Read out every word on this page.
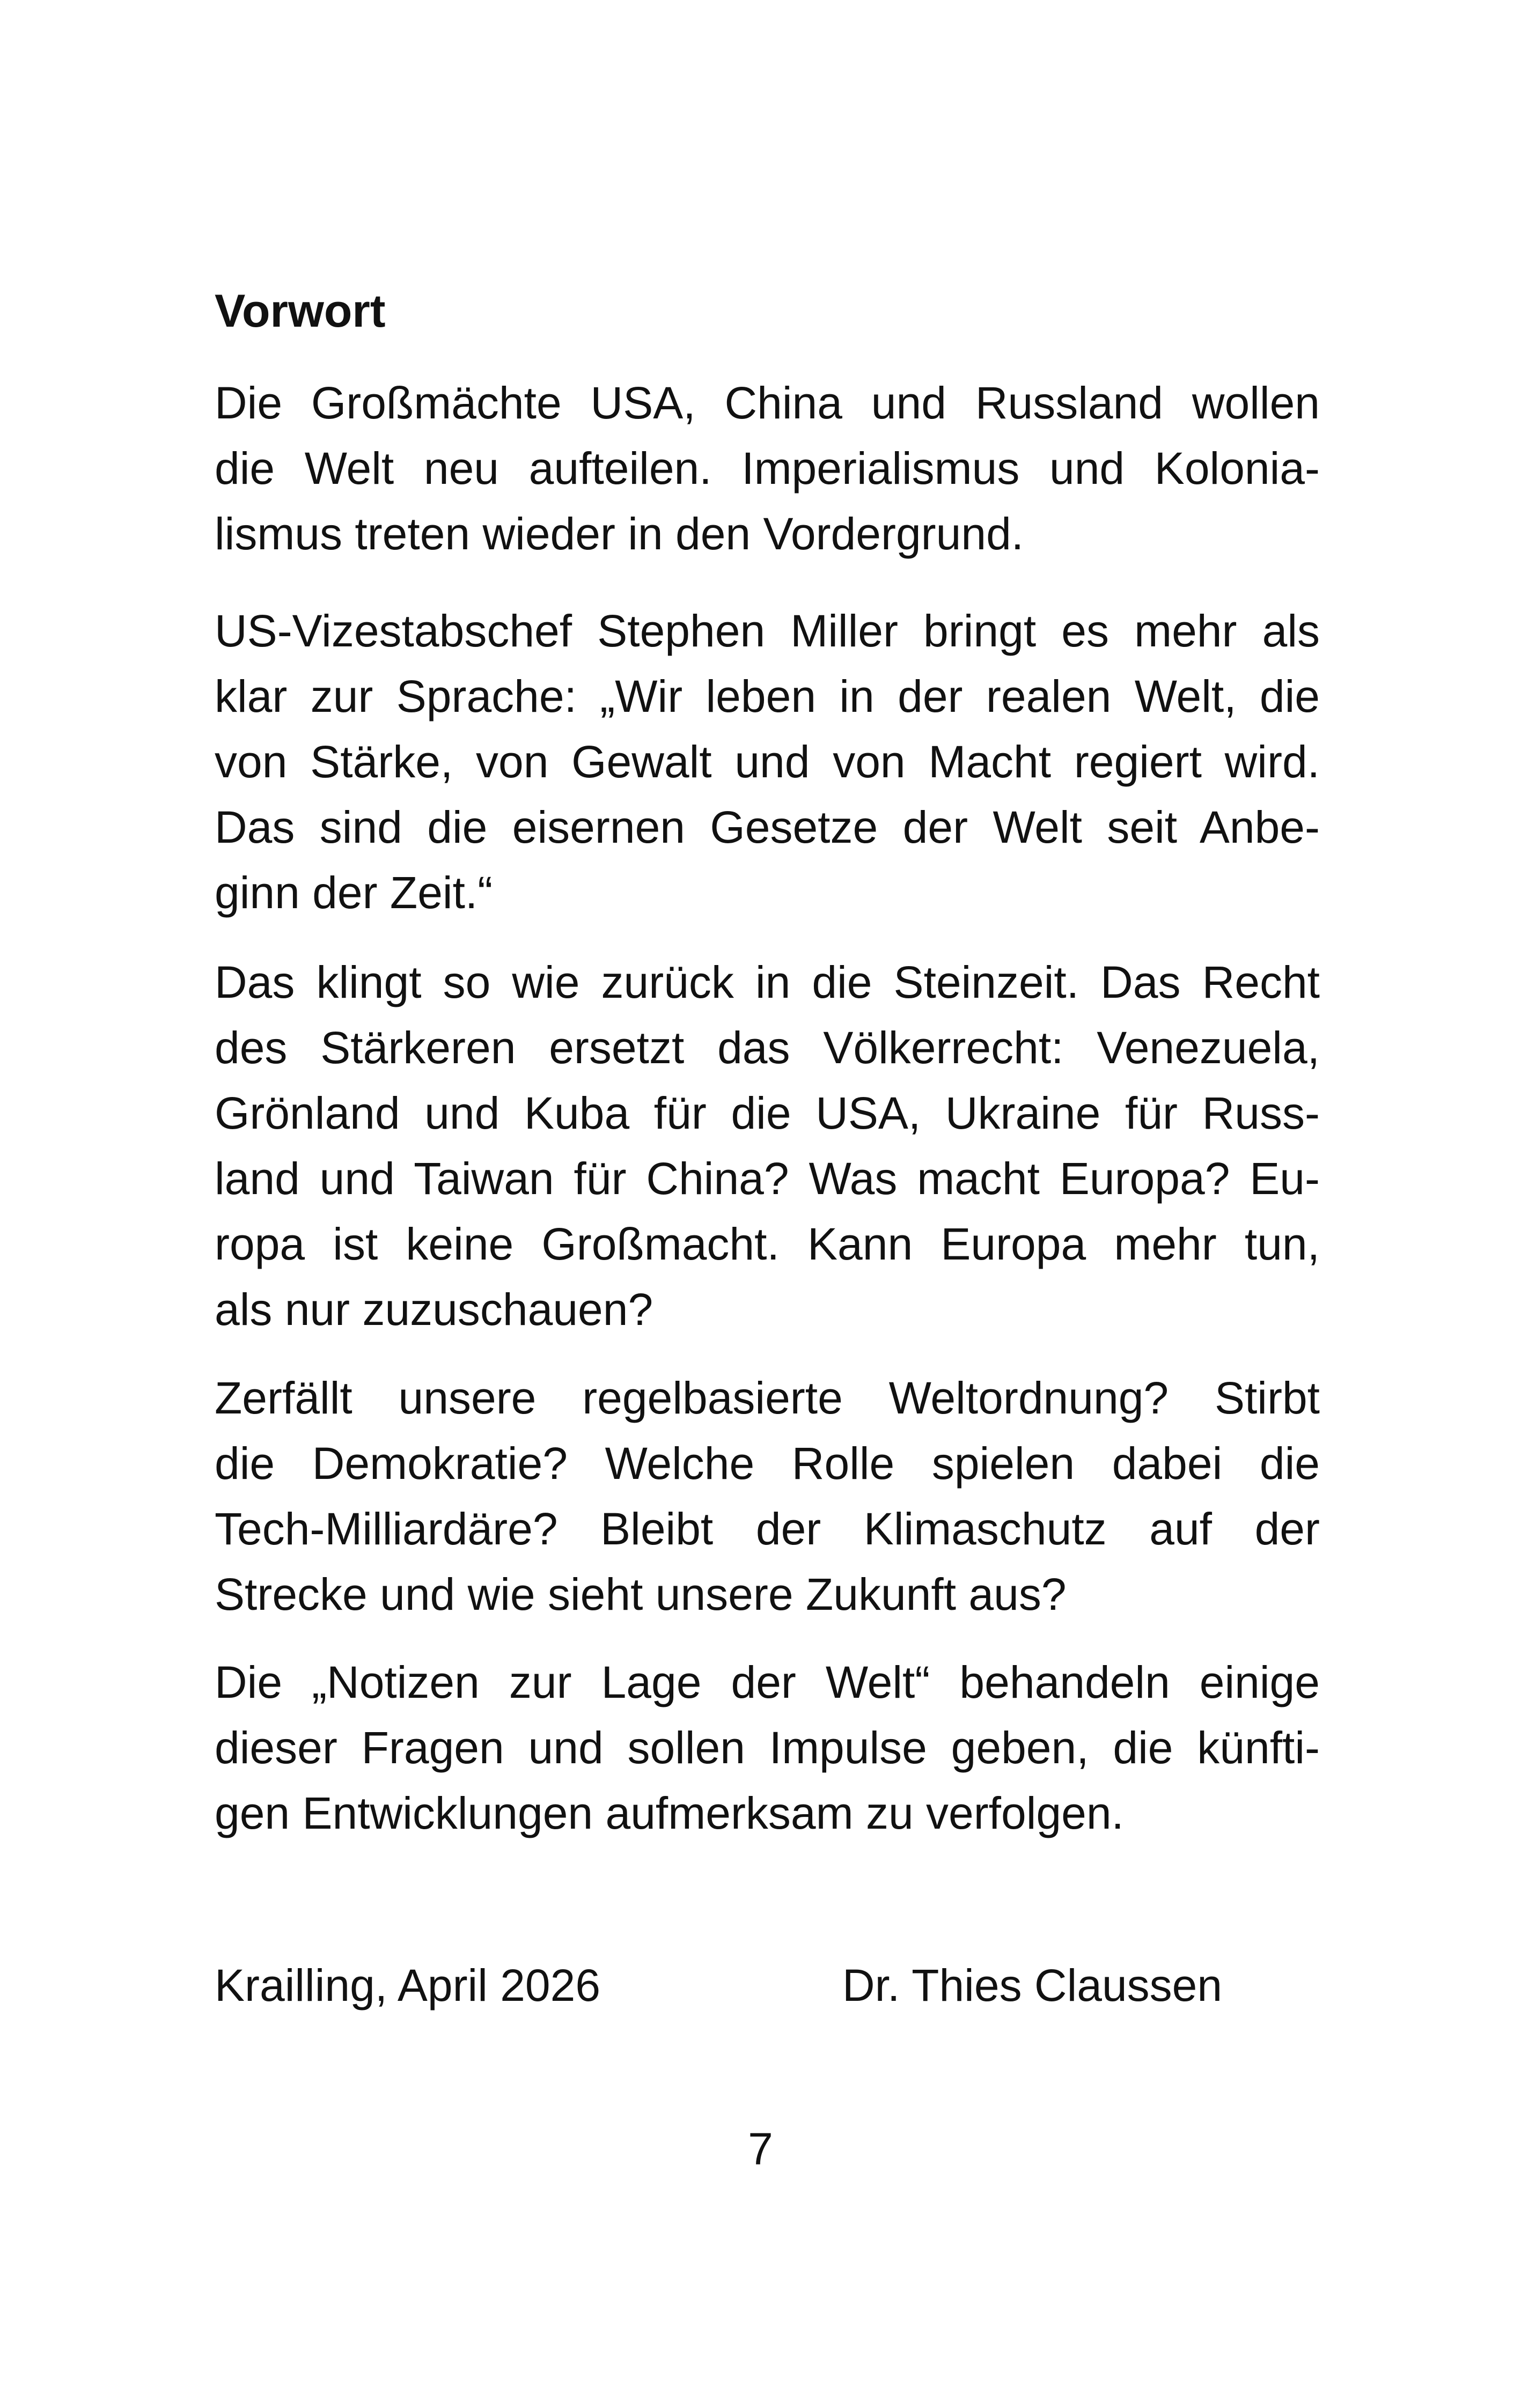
Vorwort

Die Großmächte USA, China und Russland wollen
die Welt neu aufteilen. Imperialismus und Kolonia-
lismus treten wieder in den Vordergrund.

US-Vizestabschef Stephen Miller bringt es mehr als
klar zur Sprache: „Wir leben in der realen Welt, die
von Stärke, von Gewalt und von Macht regiert wird.
Das sind die eisernen Gesetze der Welt seit Anbe-
ginn der Zeit.“

Das klingt so wie zurück in die Steinzeit. Das Recht
des Stärkeren ersetzt das Völkerrecht: Venezuela,
Grönland und Kuba für die USA, Ukraine für Russ-
land und Taiwan für China? Was macht Europa? Eu-
ropa ist keine Großmacht. Kann Europa mehr tun,
als nur zuzuschauen?

Zerfällt unsere regelbasierte Weltordnung? Stirbt
die Demokratie? Welche Rolle spielen dabei die
Tech-Milliardäre? Bleibt der Klimaschutz auf der
Strecke und wie sieht unsere Zukunft aus?

Die „Notizen zur Lage der Welt“ behandeln einige
dieser Fragen und sollen Impulse geben, die künfti-
gen Entwicklungen aufmerksam zu verfolgen.

Krailling, April 2026	Dr. Thies Claussen
7
